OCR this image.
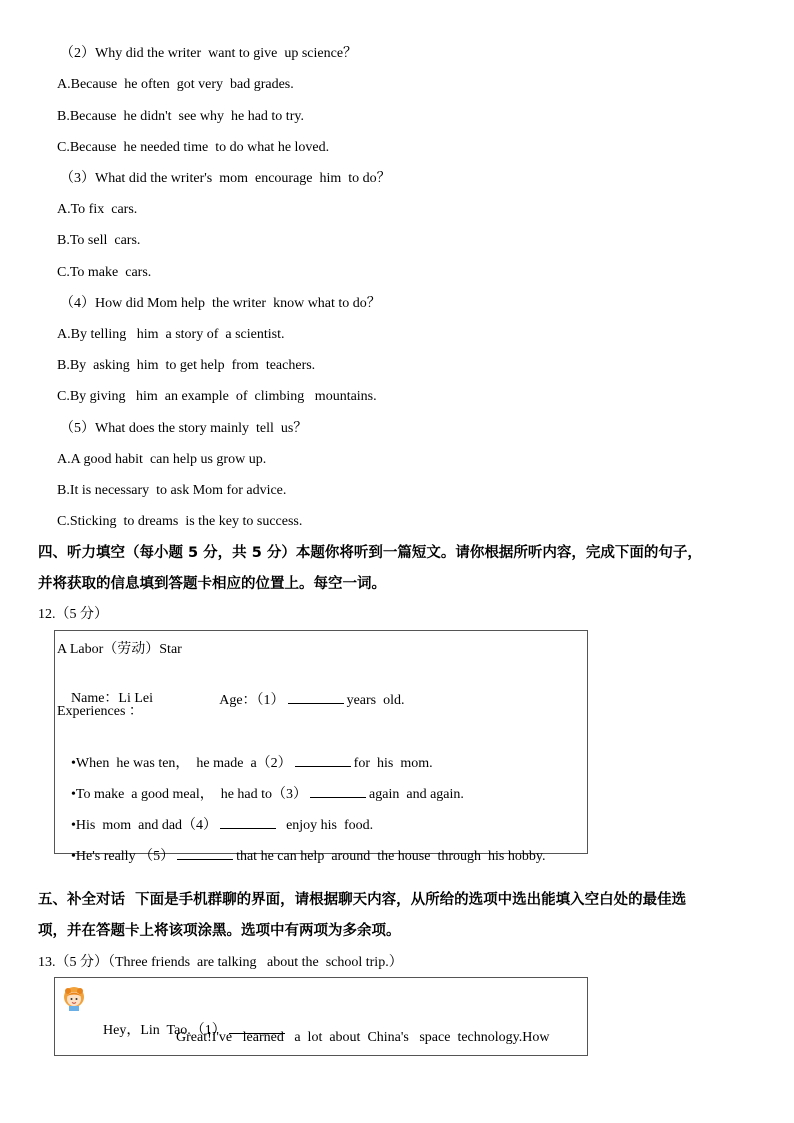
（2）Why did the writer  want to give  up science？
A.Because  he often  got very  bad grades.
B.Because  he didn't  see why  he had to try.
C.Because  he needed time  to do what he loved.
（3）What did the writer's  mom  encourage  him  to do？
A.To fix  cars.
B.To sell  cars.
C.To make  cars.
（4）How did Mom help  the writer  know what to do？
A.By telling   him  a story of  a scientist.
B.By  asking  him  to get help  from  teachers.
C.By giving   him  an example  of  climbing   mountains.
（5）What does the story mainly  tell  us？
A.A good habit  can help us grow up.
B.It is necessary  to ask Mom for advice.
C.Sticking  to dreams  is the key to success.
四、听力填空（每小题 5 分，共 5 分）本题你将听到一篇短文。请你根据所听内容，完成下面的句子，
并将获取的信息填到答题卡相应的位置上。每空一词。
12.（5 分）
A Labor（劳动）Star

Name：Li Lei
	Age：（1）	years  old.

Experiences ：

•When  he was ten，  he made  a（2）	for  his  mom.

•To make  a good meal，  he had to（3）	again  and again.

•His  mom  and dad（4）	enjoy his  food.

•He's really （5）	that he can help  around  the house  through  his hobby.

五、补全对话  下面是手机群聊的界面，请根据聊天内容，从所给的选项中选出能填入空白处的最佳选
项，并在答题卡上将该项涂黑。选项中有两项为多余项。
13.（5 分）（Three friends  are talking   about the  school trip.）

Hey，Lin  Tao.（1）

Great!I've   learned   a  lot  about  China's   space  technology.How
